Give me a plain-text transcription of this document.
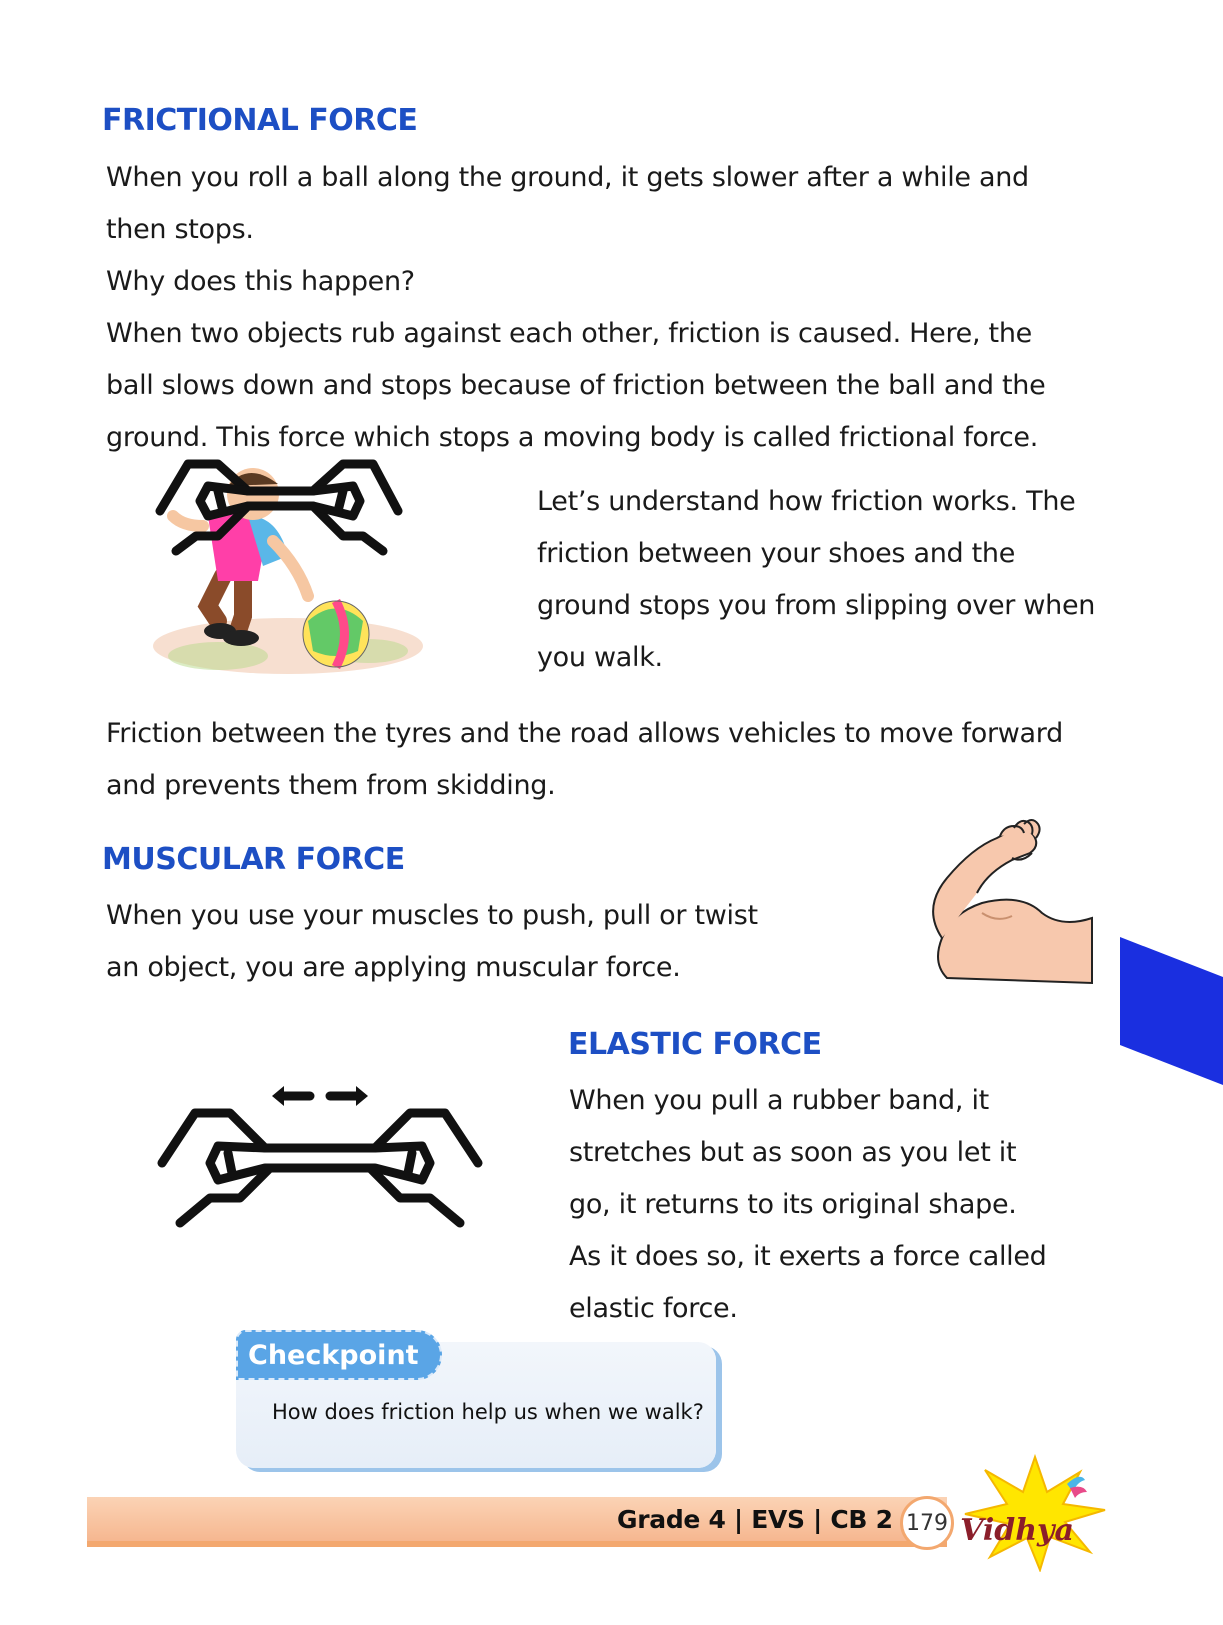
FRICTIONAL FORCE

When you roll a ball along the ground, it gets slower after a while and

then stops.

Why does this happen?

When two objects rub against each other, friction is caused. Here, the

ball slows down and stops because of friction between the ball and the

ground. This force which stops a moving body is called frictional force.

Let’s understand how friction works. The

friction between your shoes and the

ground stops you from slipping over when

you walk.

Friction between the tyres and the road allows vehicles to move forward

and prevents them from skidding.

MUSCULAR FORCE

When you use your muscles to push, pull or twist

an object, you are applying muscular force.

ELASTIC FORCE

When you pull a rubber band, it

stretches but as soon as you let it

go, it returns to its original shape.

As it does so, it exerts a force called

elastic force.

Checkpoint
How does friction help us when we walk?
Grade 4 | EVS | CB 2 179 Vidhya
